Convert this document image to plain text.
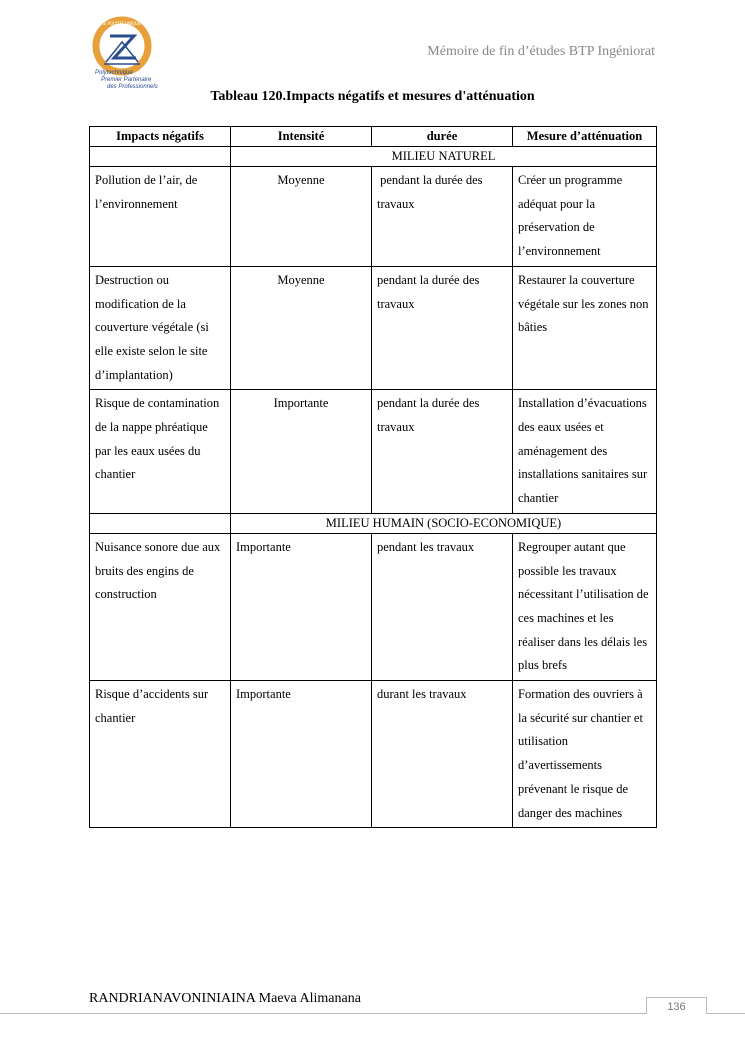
ECOLE SUPERIEURE POLYTECHNIQUE DE MADAGASCAR
Polytechnique
Premier Partenaire
des Professionnels
Mémoire de fin d’études BTP Ingéniorat
Tableau 120.Impacts négatifs et mesures d'atténuation
Impacts négatifs	Intensité	durée	Mesure d’atténuation
	MILIEU NATUREL		
Pollution de l’air, de l’environnement	Moyenne	pendant la durée des travaux	Créer un programme adéquat pour la préservation de l’environnement
Destruction ou modification de la couverture végétale (si elle existe selon le site d’implantation)	Moyenne	pendant la durée des travaux	Restaurer la couverture végétale sur les zones non bâties
Risque de contamination de la nappe phréatique par les eaux usées du chantier	Importante	pendant la durée des travaux	Installation d’évacuations des eaux usées et aménagement des installations sanitaires sur chantier
	MILIEU HUMAIN (SOCIO-ECONOMIQUE)		
Nuisance sonore due aux bruits des engins de construction	Importante	pendant les travaux	Regrouper autant que possible les travaux nécessitant l’utilisation de ces machines et les réaliser dans les délais les plus brefs
Risque d’accidents sur chantier	Importante	durant les travaux	Formation des ouvriers à la sécurité sur chantier et utilisation d’avertissements prévenant le risque de danger des machines
RANDRIANAVONINIAINA Maeva Alimanana
136
